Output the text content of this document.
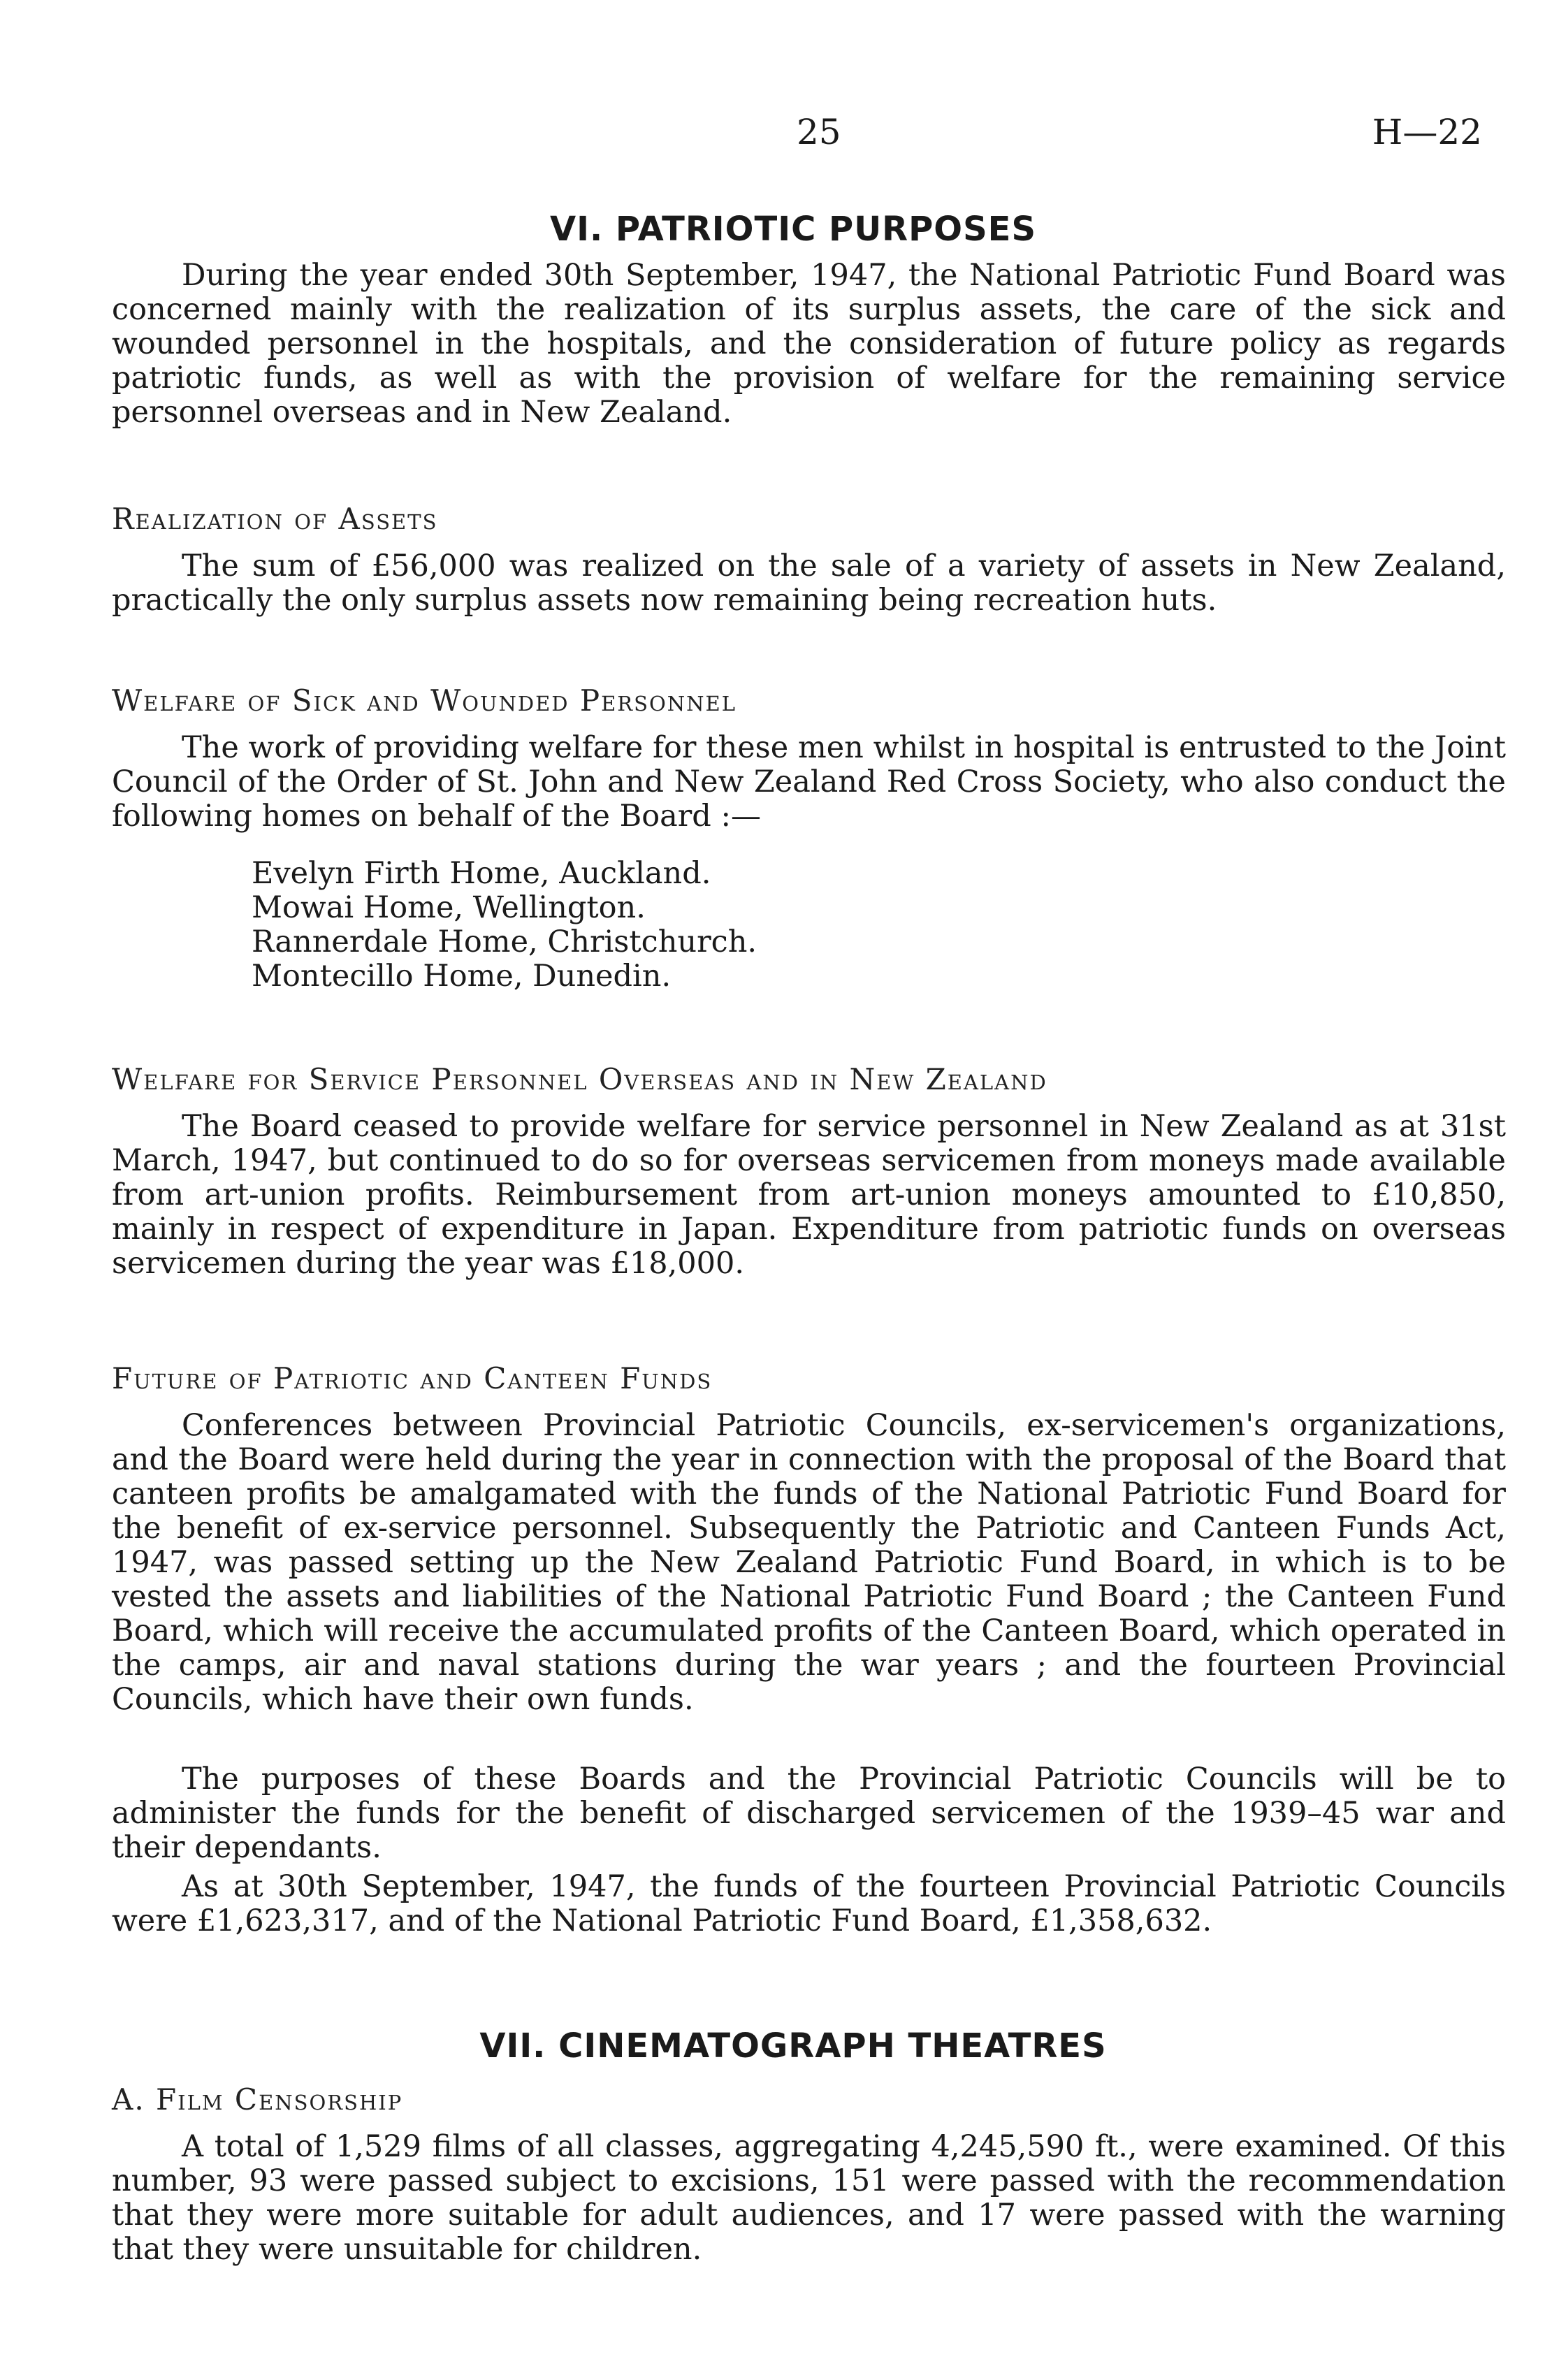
25	H—22
VI. PATRIOTIC PURPOSES

During the year ended 30th September, 1947, the National Patriotic Fund Board was concerned mainly with the realization of its surplus assets, the care of the sick and wounded personnel in the hospitals, and the consideration of future policy as regards patriotic funds, as well as with the provision of welfare for the remaining service personnel overseas and in New Zealand.

Realization of Assets

The sum of £56,000 was realized on the sale of a variety of assets in New Zealand, practically the only surplus assets now remaining being recreation huts.

Welfare of Sick and Wounded Personnel

The work of providing welfare for these men whilst in hospital is entrusted to the Joint Council of the Order of St. John and New Zealand Red Cross Society, who also conduct the following homes on behalf of the Board :—

Evelyn Firth Home, Auckland.
Mowai Home, Wellington.
Rannerdale Home, Christchurch.
Montecillo Home, Dunedin.
Welfare for Service Personnel Overseas and in New Zealand

The Board ceased to provide welfare for service personnel in New Zealand as at 31st March, 1947, but continued to do so for overseas servicemen from moneys made available from art-union profits. Reimbursement from art-union moneys amounted to £10,850, mainly in respect of expenditure in Japan. Expenditure from patriotic funds on overseas servicemen during the year was £18,000.

Future of Patriotic and Canteen Funds

Conferences between Provincial Patriotic Councils, ex-servicemen's organizations, and the Board were held during the year in connection with the proposal of the Board that canteen profits be amalgamated with the funds of the National Patriotic Fund Board for the benefit of ex-service personnel. Subsequently the Patriotic and Canteen Funds Act, 1947, was passed setting up the New Zealand Patriotic Fund Board, in which is to be vested the assets and liabilities of the National Patriotic Fund Board ; the Canteen Fund Board, which will receive the accumulated profits of the Canteen Board, which operated in the camps, air and naval stations during the war years ; and the fourteen Provincial Councils, which have their own funds.

The purposes of these Boards and the Provincial Patriotic Councils will be to administer the funds for the benefit of discharged servicemen of the 1939–45 war and their dependants.

As at 30th September, 1947, the funds of the fourteen Provincial Patriotic Councils were £1,623,317, and of the National Patriotic Fund Board, £1,358,632.

VII. CINEMATOGRAPH THEATRES
A. Film Censorship

A total of 1,529 films of all classes, aggregating 4,245,590 ft., were examined. Of this number, 93 were passed subject to excisions, 151 were passed with the recommendation that they were more suitable for adult audiences, and 17 were passed with the warning that they were unsuitable for children.
